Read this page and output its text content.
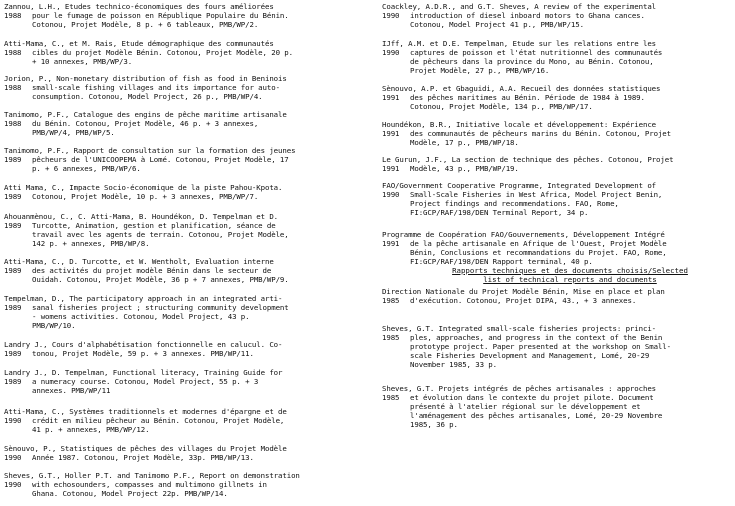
Zannou, L.H., Etudes technico-économiques des fours améliorées
1988	pour le fumage de poisson en République Populaire du Bénin.
Cotonou, Projet Modèle, 8 p. + 6 tableaux, PMB/WP/2.
Atti-Mama, C., et M. Rais, Etude démographique des communautés
1988	cibles du projet Modèle Bénin. Cotonou, Projet Modèle, 20 p.
+ 10 annexes, PMB/WP/3.
Jorion, P., Non-monetary distribution of fish as food in Beninois
1988	small-scale fishing villages and its importance for auto-
consumption. Cotonou, Model Project, 26 p., PMB/WP/4.
Tanimomo, P.F., Catalogue des engins de pêche maritime artisanale
1988	du Bénin. Cotonou, Projet Modèle, 46 p. + 3 annexes,
PMB/WP/4, PMB/WP/5.
Tanimomo, P.F., Rapport de consultation sur la formation des jeunes
1989	pêcheurs de l'UNICOOPEMA à Lomé. Cotonou, Projet Modèle, 17
p. + 6 annexes, PMB/WP/6.
Atti Mama, C., Impacte Socio-économique de la piste Pahou-Kpota.
1989	Cotonou, Projet Modèle, 10 p. + 3 annexes, PMB/WP/7.
Ahouanmènou, C., C. Atti-Mama, B. Houndékon, D. Tempelman et D.
1989	Turcotte, Animation, gestion et planification, séance de
travail avec les agents de terrain. Cotonou, Projet Modèle,
142 p. + annexes, PMB/WP/8.
Atti-Mama, C., D. Turcotte, et W. Wentholt, Evaluation interne
1989	des activités du projet modèle Bénin dans le secteur de
Ouidah. Cotonou, Projet Modèle, 36 p + 7 annexes, PMB/WP/9.
Tempelman, D., The participatory approach in an integrated arti-
1989	sanal fisheries project ; structuring community development
- womens activities. Cotonou, Model Project, 43 p.
PMB/WP/10.
Landry J., Cours d'alphabétisation fonctionnelle en calucul. Co-
1989	tonou, Projet Modèle, 59 p. + 3 annexes. PMB/WP/11.
Landry J., D. Tempelman, Functional literacy, Training Guide for
1989	a numeracy course. Cotonou, Model Project, 55 p. + 3
annexes. PMB/WP/11
Atti-Mama, C., Systèmes traditionnels et modernes d'épargne et de
1990	crédit en milieu pêcheur au Bénin. Cotonou, Projet Modèle,
41 p. + annexes, PMB/WP/12.
Sènouvo, P., Statistiques de pêches des villages du Projet Modèle
1990	Année 1987. Cotonou, Projet Modèle, 33p. PMB/WP/13.
Sheves, G.T., Holler P.T. and Tanimomo P.F., Report on demonstration
1990	with echosounders, compasses and multimono gillnets in
Ghana. Cotonou, Model Project 22p. PMB/WP/14.
Coackley, A.D.R., and G.T. Sheves, A review of the experimental
1990	introduction of diesel inboard motors to Ghana cances.
Cotonou, Model Project 41 p., PMB/WP/15.
IJff, A.M. et D.E. Tempelman, Etude sur les relations entre les
1990	captures de poisson et l'état nutritionnel des communautés
de pêcheurs dans la province du Mono, au Bénin. Cotonou,
Projet Modèle, 27 p., PMB/WP/16.
Sènouvo, A.P. et Gbaguidi, A.A. Recueil des données statistiques
1991	des pêches maritimes au Bénin. Période de 1984 à 1989.
Cotonou, Projet Modèle, 134 p., PMB/WP/17.
Houndékon, B.R., Initiative locale et développement: Expérience
1991	des communautés de pêcheurs marins du Bénin. Cotonou, Projet
Modèle, 17 p., PMB/WP/18.
Le Gurun, J.F., La section de technique des pêches. Cotonou, Projet
1991	Modèle, 43 p., PMB/WP/19.
FAO/Government Cooperative Programme, Integrated Development of
1990	Small-Scale Fisheries in West Africa, Model Project Benin,
Project findings and recommendations. FAO, Rome,
FI:GCP/RAF/198/DEN Terminal Report, 34 p.
Programme de Coopération FAO/Gouvernements, Développement Intégré
1991	de la pêche artisanale en Afrique de l'Ouest, Projet Modèle
Bénin, Conclusions et recommandations du Projet. FAO, Rome,
FI:GCP/RAF/198/DEN Rapport terminal, 40 p.
Rapports techniques et des documents choisis/Selected
list of technical reports and documents
Direction Nationale du Projet Modèle Bénin, Mise en place et plan
1985	d'exécution. Cotonou, Projet DIPA, 43., + 3 annexes.
Sheves, G.T. Integrated small-scale fisheries projects: princi-
1985	ples, approaches, and progress in the context of the Benin
prototype project. Paper presented at the workshop on Small-
scale Fisheries Development and Management, Lomé, 20-29
November 1985, 33 p.
Sheves, G.T. Projets intégrés de pêches artisanales : approches
1985	et évolution dans le contexte du projet pilote. Document
présenté à l'atelier régional sur le développement et
l'aménagement des pêches artisanales, Lomé, 20-29 Novembre
1985, 36 p.
